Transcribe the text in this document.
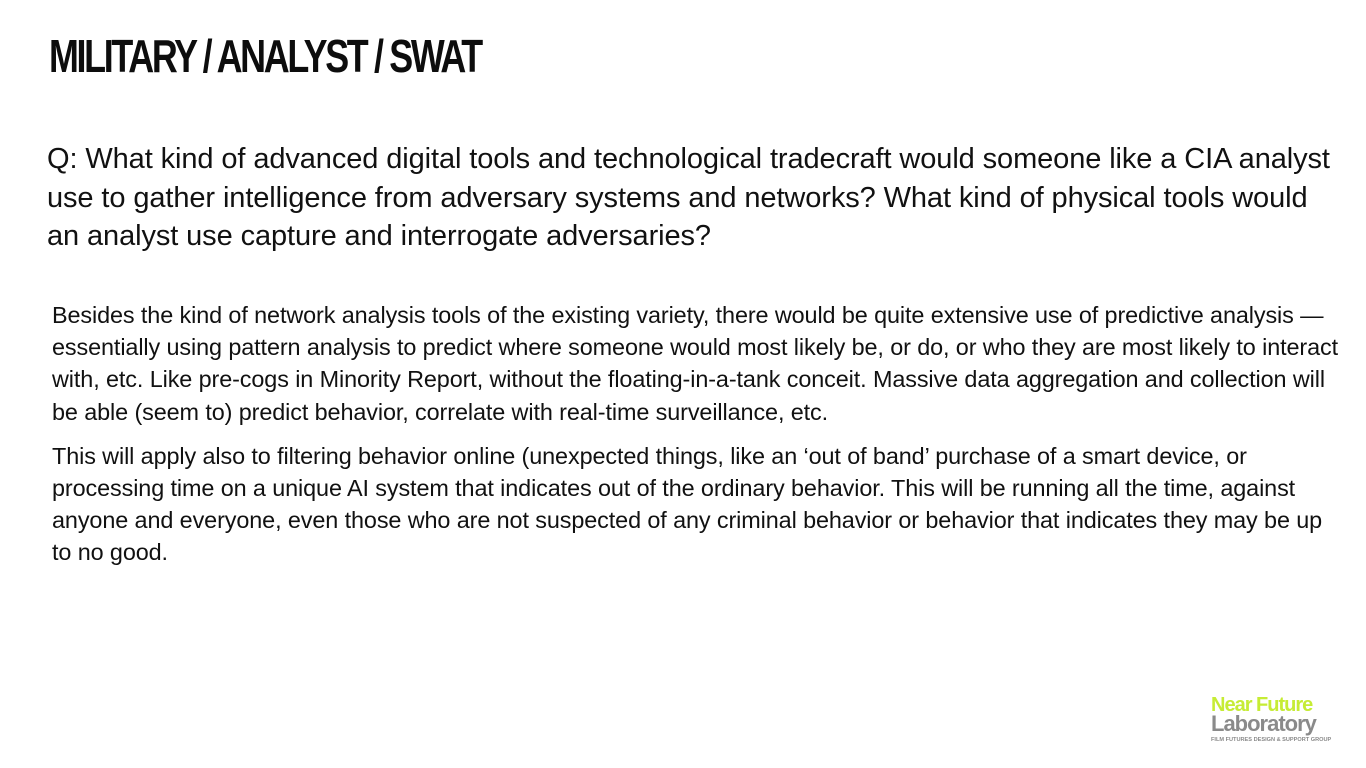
MILITARY / ANALYST / SWAT

Q: What kind of advanced digital tools and technological tradecraft would someone like a CIA analyst use to gather intelligence from adversary systems and networks? What kind of physical tools would an analyst use capture and interrogate adversaries?

Besides the kind of network analysis tools of the existing variety, there would be quite extensive use of predictive analysis — essentially using pattern analysis to predict where someone would most likely be, or do, or who they are most likely to interact with, etc. Like pre-cogs in Minority Report, without the floating-in-a-tank conceit. Massive data aggregation and collection will be able (seem to) predict behavior, correlate with real-time surveillance, etc.

This will apply also to filtering behavior online (unexpected things, like an ‘out of band’ purchase of a smart device, or processing time on a unique AI system that indicates out of the ordinary behavior. This will be running all the time, against anyone and everyone, even those who are not suspected of any criminal behavior or behavior that indicates they may be up to no good.

Near Future
Laboratory
FILM FUTURES DESIGN & SUPPORT GROUP
